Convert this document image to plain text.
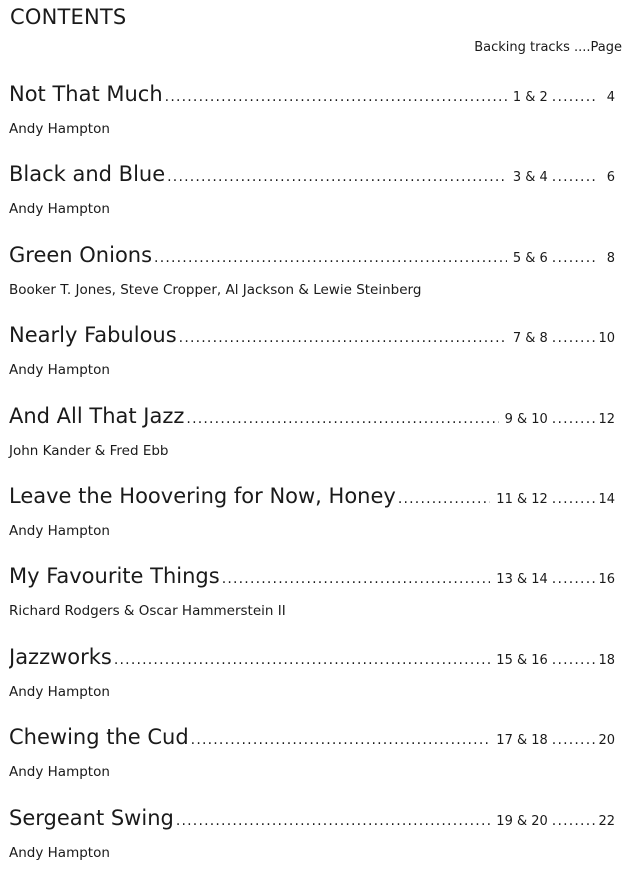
CONTENTS
Backing tracks ....Page
Not That Much .....	1 & 2 ........	4
Andy Hampton
Black and Blue .....	3 & 4 ........	6
Andy Hampton
Green Onions .....	5 & 6 ........	8
Booker T. Jones, Steve Cropper, Al Jackson & Lewie Steinberg
Nearly Fabulous .....	7 & 8 ........	10
Andy Hampton
And All That Jazz .....	9 & 10 ........	12
John Kander & Fred Ebb
Leave the Hoovering for Now, Honey .....	11 & 12 ........	14
Andy Hampton
My Favourite Things .....	13 & 14 ........	16
Richard Rodgers & Oscar Hammerstein II
Jazzworks .....	15 & 16 ........	18
Andy Hampton
Chewing the Cud .....	17 & 18 ........	20
Andy Hampton
Sergeant Swing .....	19 & 20 ........	22
Andy Hampton
